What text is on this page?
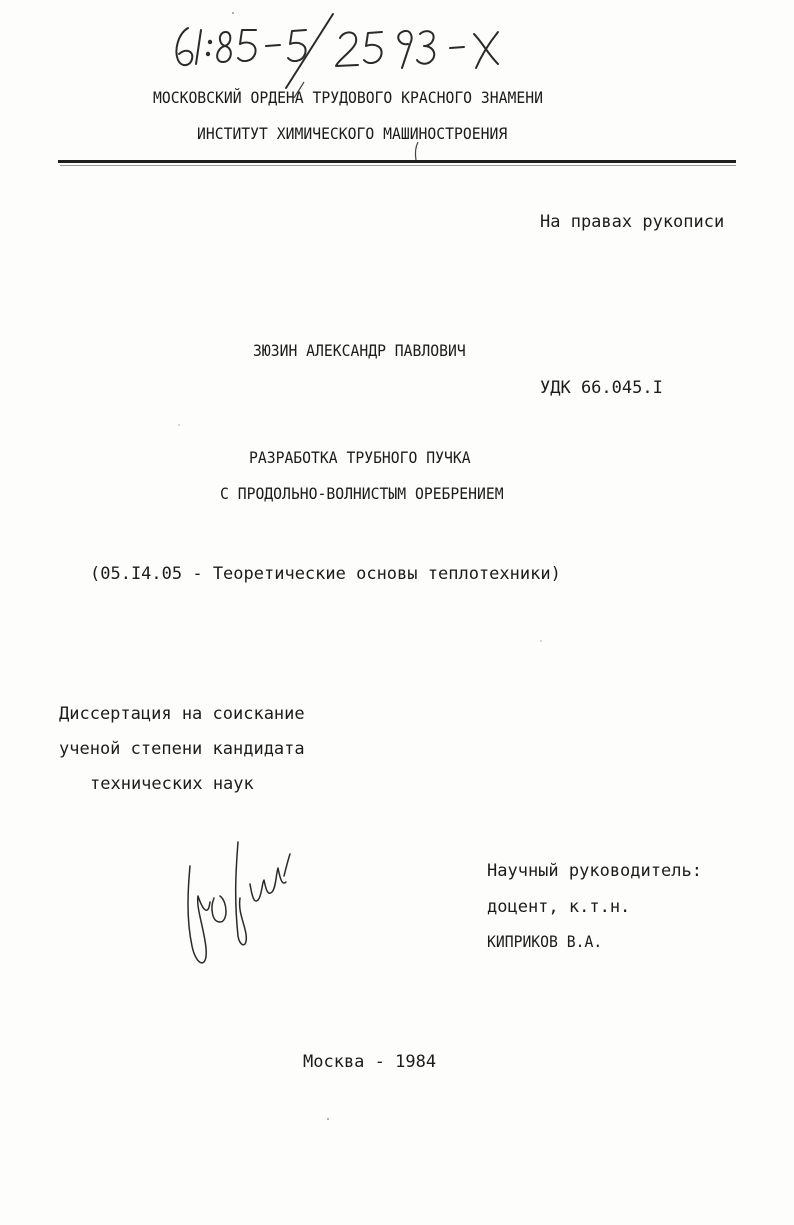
МОСКОВСКИЙ ОРДЕНА ТРУДОВОГО КРАСНОГО ЗНАМЕНИ
ИНСТИТУТ ХИМИЧЕСКОГО МАШИНОСТРОЕНИЯ
На правах рукописи
ЗЮЗИН АЛЕКСАНДР ПАВЛОВИЧ
УДК 66.045.I
РАЗРАБОТКА ТРУБНОГО ПУЧКА
С ПРОДОЛЬНО-ВОЛНИСТЫМ ОРЕБРЕНИЕМ
(05.I4.05 - Теоретические основы теплотехники)
Диссертация на соискание
ученой степени кандидата
технических наук
Научный руководитель:
доцент, к.т.н.
КИПРИКОВ В.А.
Москва - 1984
